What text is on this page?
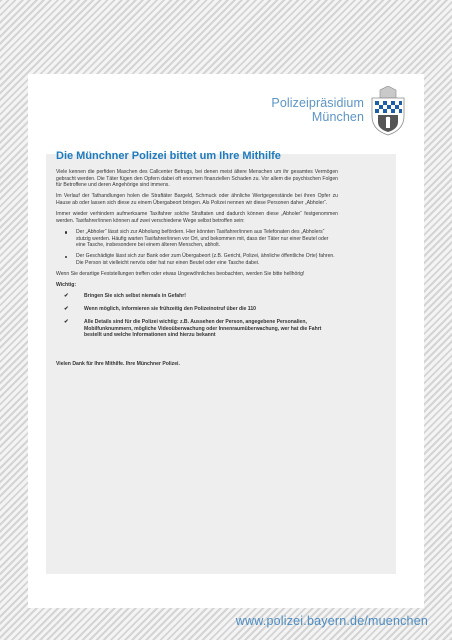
Polizeipräsidium
München
Die Münchner Polizei bittet um Ihre Mithilfe

Viele kennen die perfiden Maschen des Callcenter Betrugs, bei denen meist ältere Menschen um ihr gesamtes Vermögen gebracht werden. Die Täter fügen den Opfern dabei oft enormen finanziellen Schaden zu. Vor allem die psychischen Folgen für Betroffene und deren Angehörige sind immens.

Im Verlauf der Tathandlungen holen die Straftäter Bargeld, Schmuck oder ähnliche Wertgegenstände bei ihren Opfer zu Hause ab oder lassen sich diese zu einem Übergabeort bringen. Als Polizei nennen wir diese Personen daher „Abholer“.

Immer wieder verhindern aufmerksame Taxifahrer solche Straftaten und dadurch können diese „Abholer“ festgenommen werden. Taxifahrer/innen können auf zwei verschiedene Wege selbst betroffen sein:

Der „Abholer“ lässt sich zur Abholung befördern. Hier könnten Taxifahrer/innen aus Telefonaten des „Abholers“ stutzig werden. Häufig warten Taxifahrer/innen vor Ort, und bekommen mit, dass der Täter nur einer Beutel oder eine Tasche, insbesondere bei einem älteren Menschen, abholt.
Der Geschädigte lässt sich zur Bank oder zum Übergabeort (z.B. Gericht, Polizei, ähnliche öffentliche Orte) fahren. Die Person ist vielleicht nervös oder hat nur einen Beutel oder eine Tasche dabei.

Wenn Sie derartige Feststellungen treffen oder etwas Ungewöhnliches beobachten, werden Sie bitte hellhörig!

Wichtig:
✔	Bringen Sie sich selbst niemals in Gefahr!
✔	Wenn möglich, informieren sie frühzeitig den Polizeinotruf über die 110
✔	Alle Details sind für die Polizei wichtig: z.B. Aussehen der Person, angegebene Personalien, Mobilfunknummern, mögliche Videoüberwachung oder Innenraumüberwachung, wer hat die Fahrt bestellt und welche Informationen sind hierzu bekannt
Vielen Dank für Ihre Mithilfe. Ihre Münchner Polizei.
www.polizei.bayern.de/muenchen
